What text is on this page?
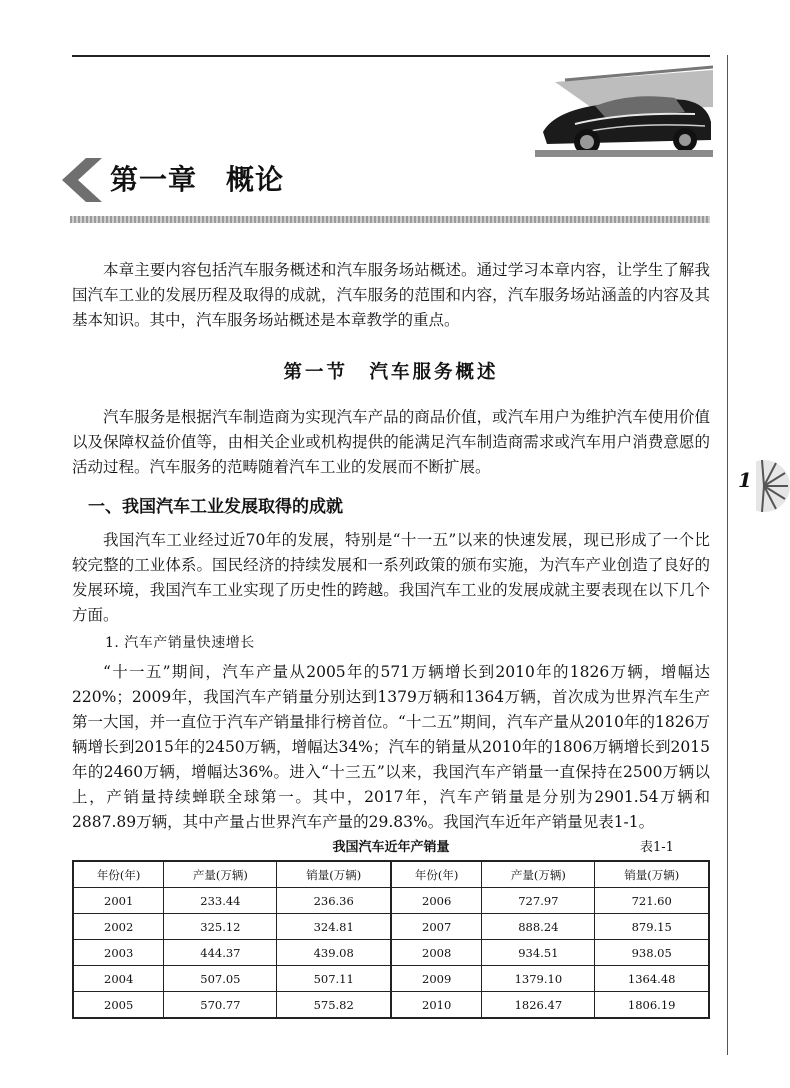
第一章　概论

本章主要内容包括汽车服务概述和汽车服务场站概述。通过学习本章内容，让学生了解我国汽车工业的发展历程及取得的成就，汽车服务的范围和内容，汽车服务场站涵盖的内容及其基本知识。其中，汽车服务场站概述是本章教学的重点。

第一节　汽车服务概述

汽车服务是根据汽车制造商为实现汽车产品的商品价值，或汽车用户为维护汽车使用价值以及保障权益价值等，由相关企业或机构提供的能满足汽车制造商需求或汽车用户消费意愿的活动过程。汽车服务的范畴随着汽车工业的发展而不断扩展。

一、我国汽车工业发展取得的成就

我国汽车工业经过近70年的发展，特别是“十一五”以来的快速发展，现已形成了一个比较完整的工业体系。国民经济的持续发展和一系列政策的颁布实施，为汽车产业创造了良好的发展环境，我国汽车工业实现了历史性的跨越。我国汽车工业的发展成就主要表现在以下几个方面。

1. 汽车产销量快速增长

“十一五”期间，汽车产量从2005年的571万辆增长到2010年的1826万辆，增幅达220%；2009年，我国汽车产销量分别达到1379万辆和1364万辆，首次成为世界汽车生产第一大国，并一直位于汽车产销量排行榜首位。“十二五”期间，汽车产量从2010年的1826万辆增长到2015年的2450万辆，增幅达34%；汽车的销量从2010年的1806万辆增长到2015年的2460万辆，增幅达36%。进入“十三五”以来，我国汽车产销量一直保持在2500万辆以上，产销量持续蝉联全球第一。其中，2017年，汽车产销量是分别为2901.54万辆和2887.89万辆，其中产量占世界汽车产量的29.83%。我国汽车近年产销量见表1-1。

1
我国汽车近年产销量	表1-1
年份(年)	产量(万辆)	销量(万辆)	年份(年)	产量(万辆)	销量(万辆)
2001	233.44	236.36	2006	727.97	721.60
2002	325.12	324.81	2007	888.24	879.15
2003	444.37	439.08	2008	934.51	938.05
2004	507.05	507.11	2009	1379.10	1364.48
2005	570.77	575.82	2010	1826.47	1806.19
